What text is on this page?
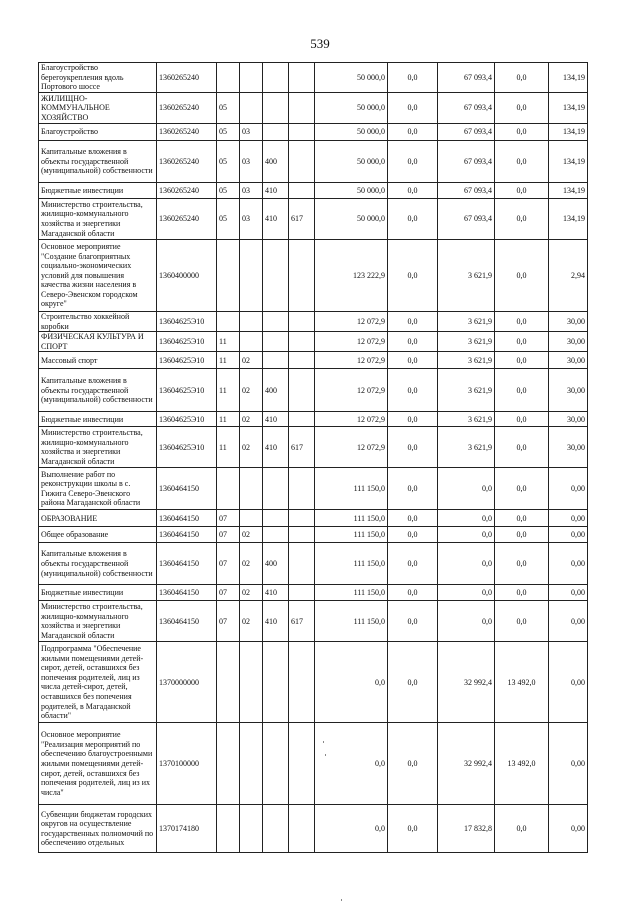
539
Благоустройство берегоукрепления вдоль Портового шоссе	1360265240					50 000,0	0,0	67 093,4	0,0	134,19
ЖИЛИЩНО-КОММУНАЛЬНОЕ ХОЗЯЙСТВО	1360265240	05				50 000,0	0,0	67 093,4	0,0	134,19
Благоустройство	1360265240	05	03			50 000,0	0,0	67 093,4	0,0	134,19
Капитальные вложения в объекты государственной (муниципальной) собственности	1360265240	05	03	400		50 000,0	0,0	67 093,4	0,0	134,19
Бюджетные инвестиции	1360265240	05	03	410		50 000,0	0,0	67 093,4	0,0	134,19
Министерство строительства, жилищно-коммунального хозяйства и энергетики Магаданской области	1360265240	05	03	410	617	50 000,0	0,0	67 093,4	0,0	134,19
Основное мероприятие "Создание благоприятных социально-экономических условий для повышения качества жизни населения в Северо-Эвенском городском округе"	1360400000					123 222,9	0,0	3 621,9	0,0	2,94
Строительство хоккейной коробки	13604625Э10					12 072,9	0,0	3 621,9	0,0	30,00
ФИЗИЧЕСКАЯ КУЛЬТУРА И СПОРТ	13604625Э10	11				12 072,9	0,0	3 621,9	0,0	30,00
Массовый спорт	13604625Э10	11	02			12 072,9	0,0	3 621,9	0,0	30,00
Капитальные вложения в объекты государственной (муниципальной) собственности	13604625Э10	11	02	400		12 072,9	0,0	3 621,9	0,0	30,00
Бюджетные инвестиции	13604625Э10	11	02	410		12 072,9	0,0	3 621,9	0,0	30,00
Министерство строительства, жилищно-коммунального хозяйства и энергетики Магаданской области	13604625Э10	11	02	410	617	12 072,9	0,0	3 621,9	0,0	30,00
Выполнение работ по реконструкции школы в с. Гижига Северо-Эвенского района Магаданской области	1360464150					111 150,0	0,0	0,0	0,0	0,00
ОБРАЗОВАНИЕ	1360464150	07				111 150,0	0,0	0,0	0,0	0,00
Общее образование	1360464150	07	02			111 150,0	0,0	0,0	0,0	0,00
Капитальные вложения в объекты государственной (муниципальной) собственности	1360464150	07	02	400		111 150,0	0,0	0,0	0,0	0,00
Бюджетные инвестиции	1360464150	07	02	410		111 150,0	0,0	0,0	0,0	0,00
Министерство строительства, жилищно-коммунального хозяйства и энергетики Магаданской области	1360464150	07	02	410	617	111 150,0	0,0	0,0	0,0	0,00
Подпрограмма "Обеспечение жилыми помещениями детей-сирот, детей, оставшихся без попечения родителей, лиц из числа детей-сирот, детей, оставшихся без попечения родителей, в Магаданской области"	1370000000					0,0	0,0	32 992,4	13 492,0	0,00
Основное мероприятие "Реализация мероприятий по обеспечению благоустроенными жилыми помещениями детей-сирот, детей, оставшихся без попечения родителей, лиц из их числа"	1370100000					0,0	0,0	32 992,4	13 492,0	0,00
Субвенции бюджетам городских округов на осуществление государственных полномочий по обеспечению отдельных	1370174180					0,0	0,0	17 832,8	0,0	0,00
